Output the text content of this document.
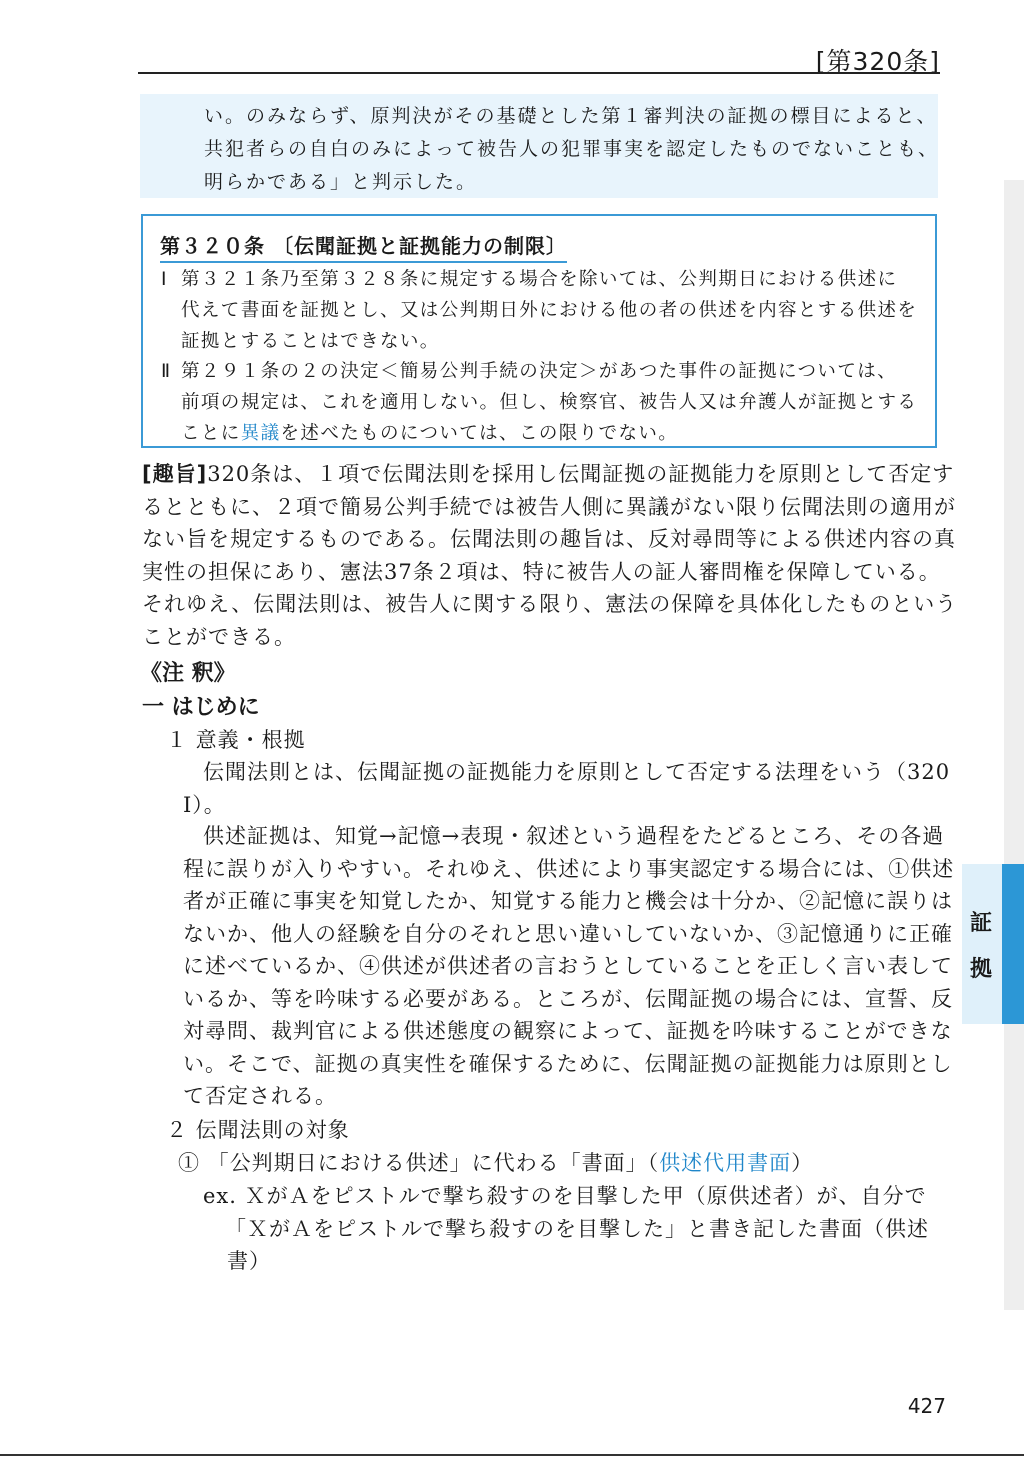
[第320条]

い。のみならず、原判決がその基礎とした第１審判決の証拠の標目によると、

共犯者らの自白のみによって被告人の犯罪事実を認定したものでないことも、

明らかである」と判示した。

第３２０条 〔伝聞証拠と証拠能力の制限〕
Ⅰ 第３２１条乃至第３２８条に規定する場合を除いては、公判期日における供述に

代えて書面を証拠とし、又は公判期日外における他の者の供述を内容とする供述を

証拠とすることはできない。

Ⅱ 第２９１条の２の決定＜簡易公判手続の決定＞があつた事件の証拠については、

前項の規定は、これを適用しない。但し、検察官、被告人又は弁護人が証拠とする

ことに異議を述べたものについては、この限りでない。

[趣旨]320条は、１項で伝聞法則を採用し伝聞証拠の証拠能力を原則として否定す

るとともに、２項で簡易公判手続では被告人側に異議がない限り伝聞法則の適用が

ない旨を規定するものである。伝聞法則の趣旨は、反対尋問等による供述内容の真

実性の担保にあり、憲法37条２項は、特に被告人の証人審問権を保障している。

それゆえ、伝聞法則は、被告人に関する限り、憲法の保障を具体化したものという

ことができる。

《注 釈》
一 はじめに
１ 意義・根拠

伝聞法則とは、伝聞証拠の証拠能力を原則として否定する法理をいう（320

Ⅰ）。

供述証拠は、知覚→記憶→表現・叙述という過程をたどるところ、その各過

程に誤りが入りやすい。それゆえ、供述により事実認定する場合には、①供述

者が正確に事実を知覚したか、知覚する能力と機会は十分か、②記憶に誤りは

ないか、他人の経験を自分のそれと思い違いしていないか、③記憶通りに正確

に述べているか、④供述が供述者の言おうとしていることを正しく言い表して

いるか、等を吟味する必要がある。ところが、伝聞証拠の場合には、宣誓、反

対尋問、裁判官による供述態度の観察によって、証拠を吟味することができな

い。そこで、証拠の真実性を確保するために、伝聞証拠の証拠能力は原則とし

て否定される。

２ 伝聞法則の対象
① 「公判期日における供述」に代わる「書面」（供述代用書面）

ex. ＸがＡをピストルで撃ち殺すのを目撃した甲（原供述者）が、自分で

「ＸがＡをピストルで撃ち殺すのを目撃した」と書き記した書面（供述

書）

証
拠
427
